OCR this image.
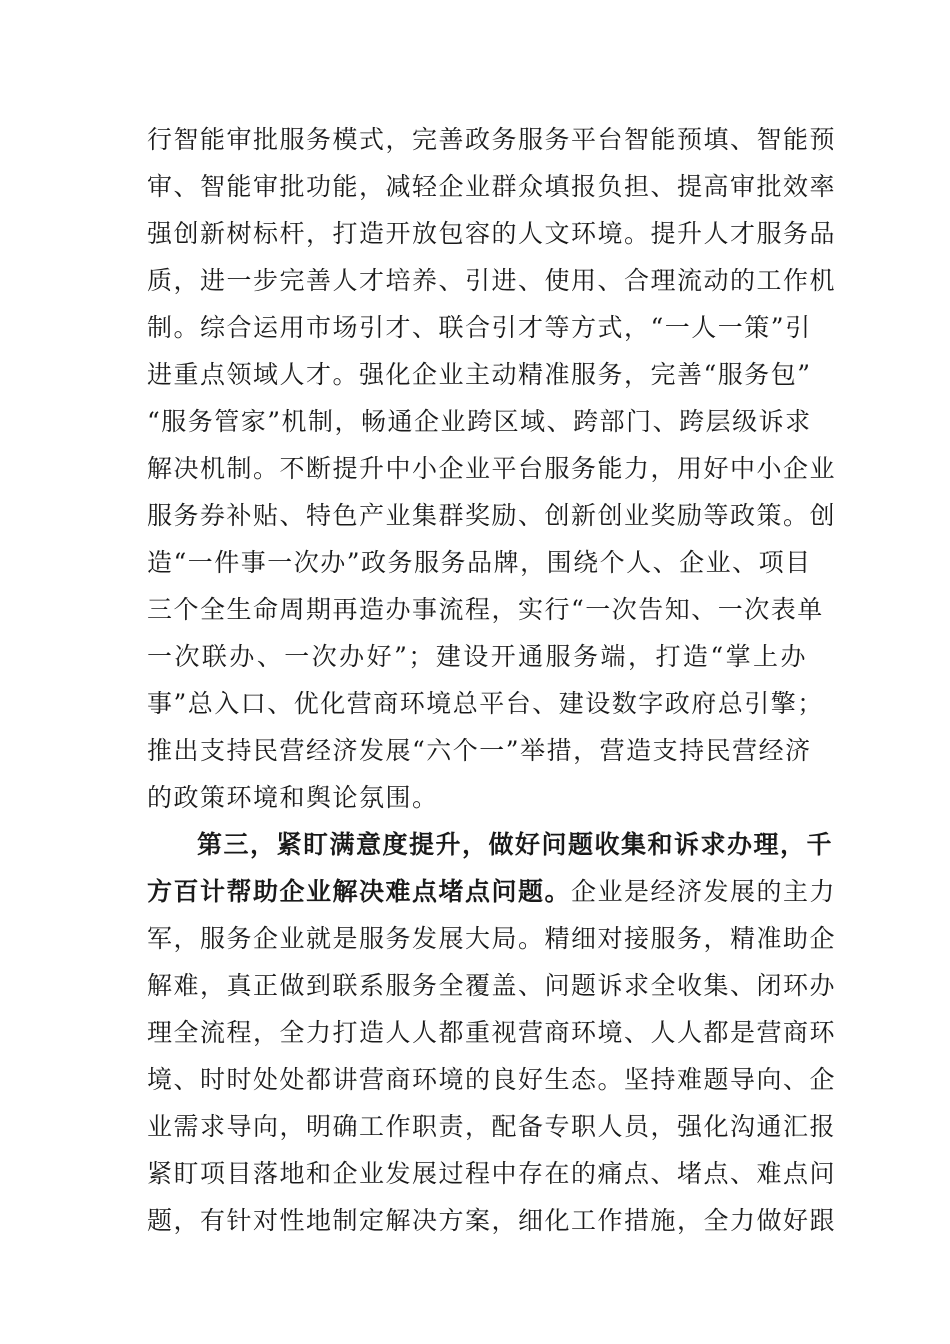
行智能审批服务模式，完善政务服务平台智能预填、智能预
审、智能审批功能，减轻企业群众填报负担、提高审批效率
强创新树标杆，打造开放包容的人文环境。提升人才服务品
质，进一步完善人才培养、引进、使用、合理流动的工作机
制。综合运用市场引才、联合引才等方式，“一人一策”引
进重点领域人才。强化企业主动精准服务，完善“服务包”
“服务管家”机制，畅通企业跨区域、跨部门、跨层级诉求
解决机制。不断提升中小企业平台服务能力，用好中小企业
服务券补贴、特色产业集群奖励、创新创业奖励等政策。创
造“一件事一次办”政务服务品牌，围绕个人、企业、项目
三个全生命周期再造办事流程，实行“一次告知、一次表单
一次联办、一次办好”；建设开通服务端，打造“掌上办
事”总入口、优化营商环境总平台、建设数字政府总引擎；
推出支持民营经济发展“六个一”举措，营造支持民营经济
的政策环境和舆论氛围。
第三，紧盯满意度提升，做好问题收集和诉求办理，千
方百计帮助企业解决难点堵点问题。企业是经济发展的主力
军，服务企业就是服务发展大局。精细对接服务，精准助企
解难，真正做到联系服务全覆盖、问题诉求全收集、闭环办
理全流程，全力打造人人都重视营商环境、人人都是营商环
境、时时处处都讲营商环境的良好生态。坚持难题导向、企
业需求导向，明确工作职责，配备专职人员，强化沟通汇报
紧盯项目落地和企业发展过程中存在的痛点、堵点、难点问
题，有针对性地制定解决方案，细化工作措施，全力做好跟
